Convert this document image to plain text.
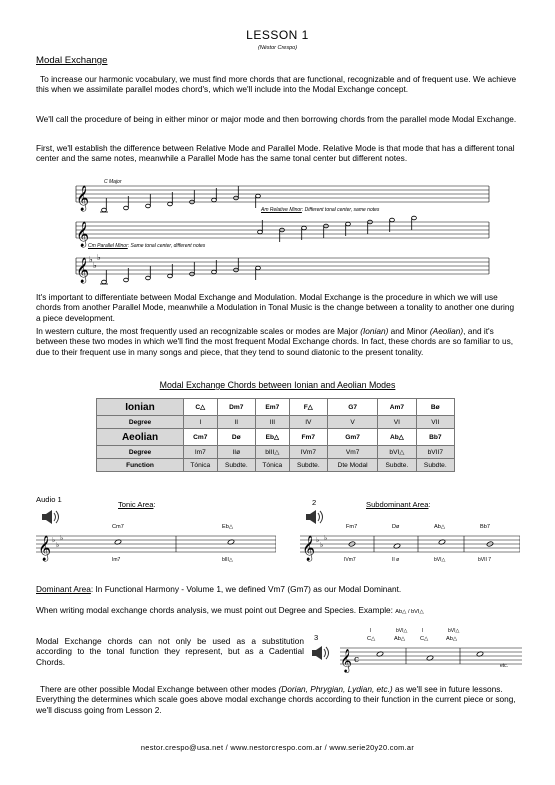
LESSON 1
(Néstor Crespo)
Modal Exchange
To increase our harmonic vocabulary, we must find more chords that are functional, recognizable and of frequent use. We achieve this when we assimilate parallel modes chord's, which we'll include into the Modal Exchange concept.
We'll call the procedure of being in either minor or major mode and then borrowing chords from the parallel mode Modal Exchange.
First, we'll establish the difference between Relative Mode and Parallel Mode. Relative Mode is that mode that has a different tonal center and the same notes, meanwhile a Parallel Mode has the same tonal center but different notes.
𝄞
𝄞
𝄞 ♭
♭
♭
C Major
Am Relative Minor: Different tonal center, same notes
Cm Parallel Minor: Same tonal center, different notes
It's important to differentiate between Modal Exchange and Modulation. Modal Exchange is the procedure in which we will use chords from another Parallel Mode, meanwhile a Modulation in Tonal Music is the change between a tonality to another one during a piece development.
In western culture, the most frequently used an recognizable scales or modes are Major (Ionian) and Minor (Aeolian), and it's between these two modes in which we'll find the most frequent Modal Exchange chords. In fact, these chords are so familiar to us, due to their frequent use in many songs and piece, that they tend to sound diatonic to the present tonality.
Modal Exchange Chords between Ionian and Aeolian Modes
Ionian	C△	Dm7	Em7	F△	G7	Am7	Bø
Degree	I	II	III	IV	V	VI	VII
Aeolian	Cm7	Dø	Eb△	Fm7	Gm7	Ab△	Bb7
Degree	Im7	IIø	bIII△	IVm7	Vm7	bVI△	bVII7
Function	Tónica	Subdte.	Tónica	Subdte.	Dte Modal	Subdte.	Subdte.
Audio 1
Tonic Area:
𝄞 ♭
♭
♭
Cm7	Eb△
Im7	bIII△
2	Subdominant Area:
𝄞 ♭
♭
♭
Fm7	Dø	Ab△	Bb7
IVm7	II ø	bVI△	bVII 7
Dominant Area: In Functional Harmony - Volume 1, we defined Vm7 (Gm7) as our Modal Dominant.
When writing modal exchange chords analysis, we must point out Degree and Species. Example: Ab△ / bVI△
Modal Exchange chords can not only be used as a substitution according to the tonal function they represent, but as a Cadential Chords.
3
𝄞 c
I	bVI△	I	bVI△
C△	Ab△	C△	Ab△
etc.
There are other possible Modal Exchange between other modes (Dorian, Phrygian, Lydian, etc.) as we'll see in future lessons. Everything the determines which scale goes above modal exchange chords according to their function in the current piece or song, we'll discuss going from Lesson 2.
nestor.crespo@usa.net / www.nestorcrespo.com.ar / www.serie20y20.com.ar
